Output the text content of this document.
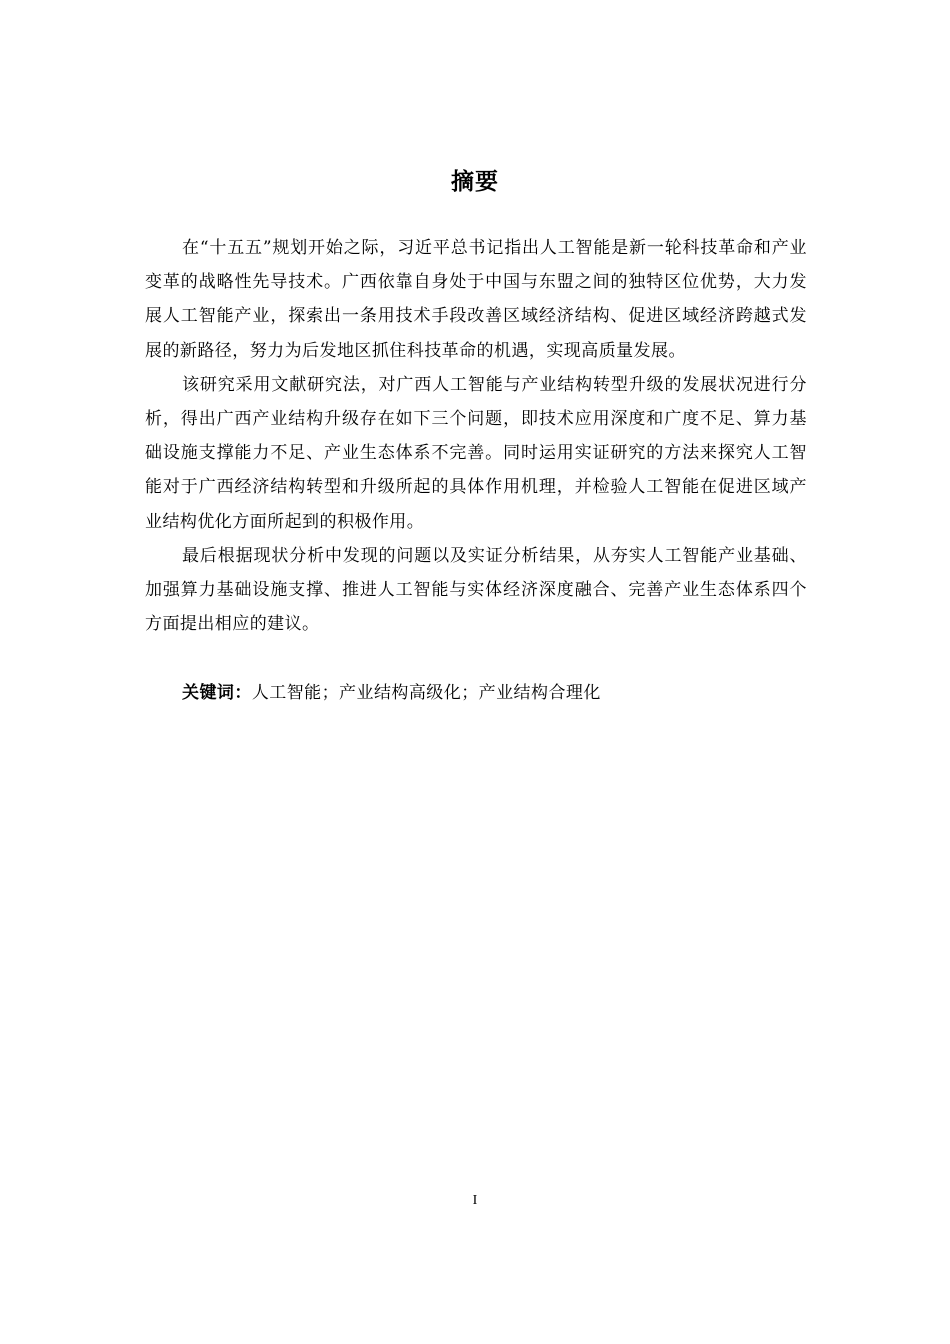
摘要

在“十五五”规划开始之际，习近平总书记指出人工智能是新一轮科技革命和产业变革的战略性先导技术。广西依靠自身处于中国与东盟之间的独特区位优势，大力发展人工智能产业，探索出一条用技术手段改善区域经济结构、促进区域经济跨越式发展的新路径，努力为后发地区抓住科技革命的机遇，实现高质量发展。

该研究采用文献研究法，对广西人工智能与产业结构转型升级的发展状况进行分析，得出广西产业结构升级存在如下三个问题，即技术应用深度和广度不足、算力基础设施支撑能力不足、产业生态体系不完善。同时运用实证研究的方法来探究人工智能对于广西经济结构转型和升级所起的具体作用机理，并检验人工智能在促进区域产业结构优化方面所起到的积极作用。

最后根据现状分析中发现的问题以及实证分析结果，从夯实人工智能产业基础、加强算力基础设施支撑、推进人工智能与实体经济深度融合、完善产业生态体系四个方面提出相应的建议。

关键词：人工智能；产业结构高级化；产业结构合理化

I
